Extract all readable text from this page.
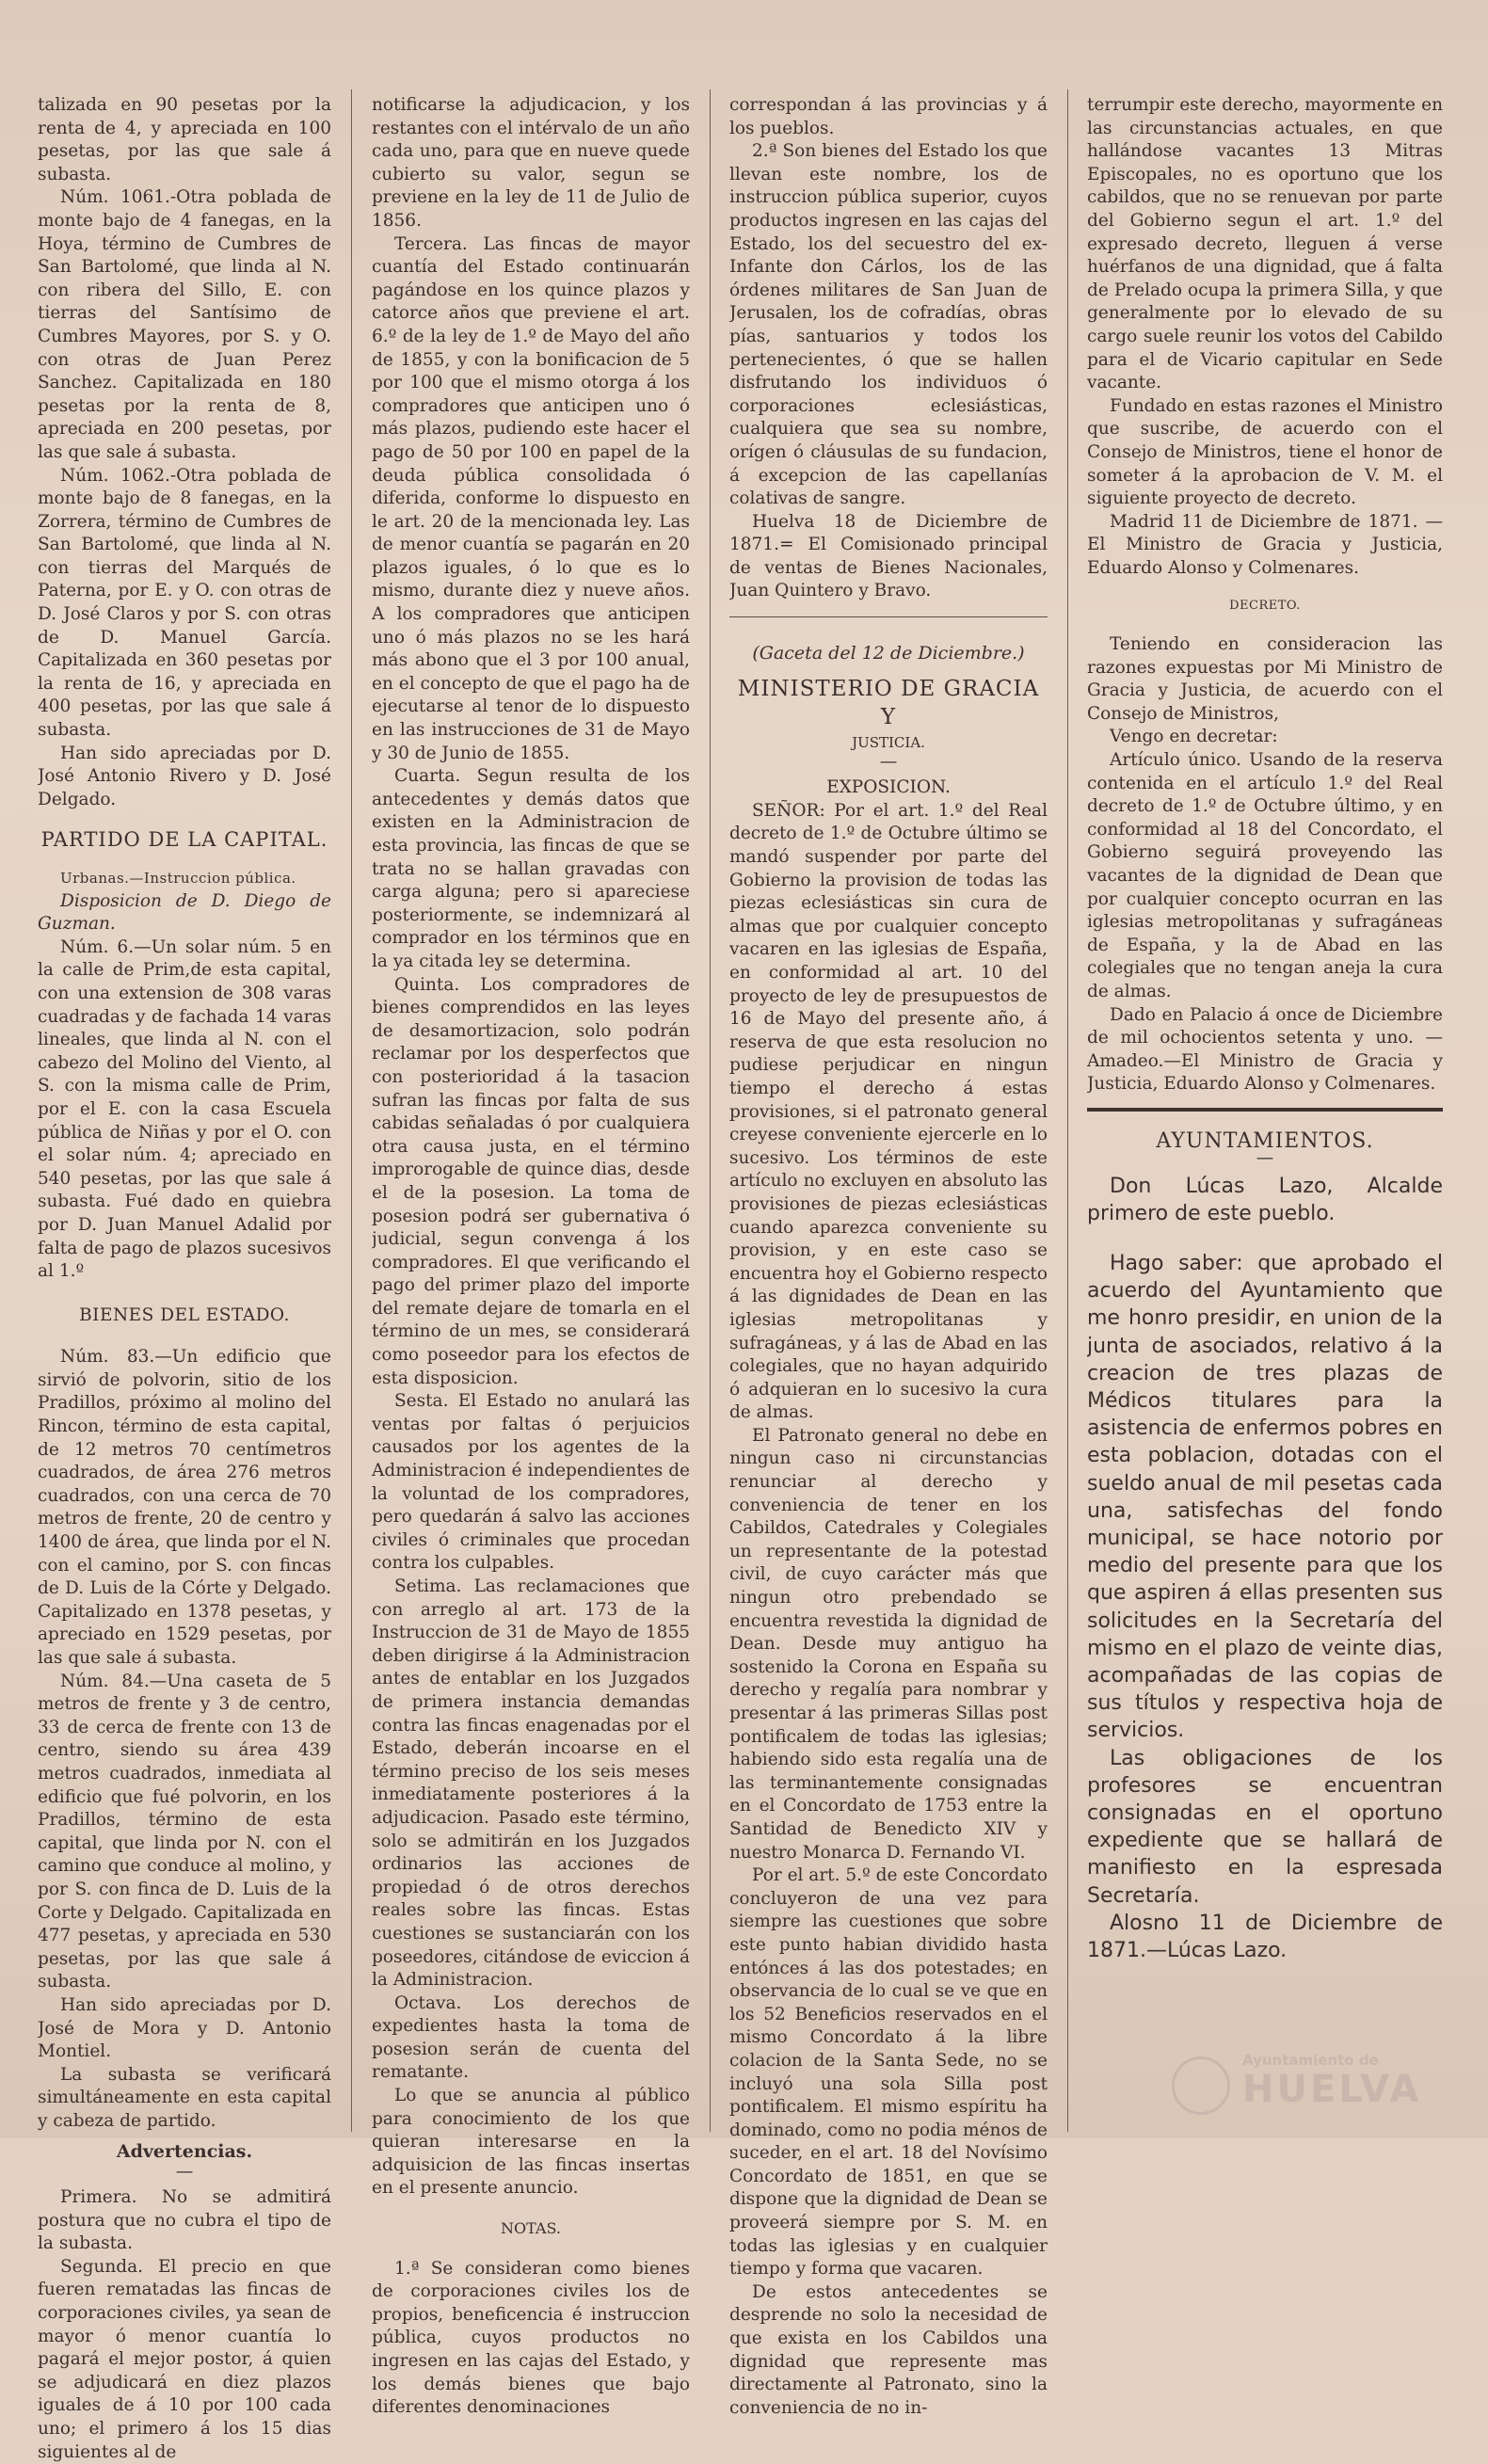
talizada en 90 pesetas por la renta de 4, y apreciada en 100 pesetas, por las que sale á subasta.

Núm. 1061.-Otra poblada de monte bajo de 4 fanegas, en la Hoya, término de Cumbres de San Bartolomé, que linda al N. con ribera del Sillo, E. con tierras del Santísimo de Cumbres Mayores, por S. y O. con otras de Juan Perez Sanchez. Capitalizada en 180 pesetas por la renta de 8, apreciada en 200 pesetas, por las que sale á subasta.

Núm. 1062.-Otra poblada de monte bajo de 8 fanegas, en la Zorrera, término de Cumbres de San Bartolomé, que linda al N. con tierras del Marqués de Paterna, por E. y O. con otras de D. José Claros y por S. con otras de D. Manuel García. Capitalizada en 360 pesetas por la renta de 16, y apreciada en 400 pesetas, por las que sale á subasta.

Han sido apreciadas por D. José Antonio Rivero y D. José Delgado.

PARTIDO DE LA CAPITAL.

Urbanas.—Instruccion pública.

Disposicion de D. Diego de Guzman.

Núm. 6.—Un solar núm. 5 en la calle de Prim,de esta capital, con una extension de 308 varas cuadradas y de fachada 14 varas lineales, que linda al N. con el cabezo del Molino del Viento, al S. con la misma calle de Prim, por el E. con la casa Escuela pública de Niñas y por el O. con el solar núm. 4; apreciado en 540 pesetas, por las que sale á subasta. Fué dado en quiebra por D. Juan Manuel Adalid por falta de pago de plazos sucesivos al 1.º

BIENES DEL ESTADO.

Núm. 83.—Un edificio que sirvió de polvorin, sitio de los Pradillos, próximo al molino del Rincon, término de esta capital, de 12 metros 70 centímetros cuadrados, de área 276 metros cuadrados, con una cerca de 70 metros de frente, 20 de centro y 1400 de área, que linda por el N. con el camino, por S. con fincas de D. Luis de la Córte y Delgado. Capitalizado en 1378 pesetas, y apreciado en 1529 pesetas, por las que sale á subasta.

Núm. 84.—Una caseta de 5 metros de frente y 3 de centro, 33 de cerca de frente con 13 de centro, siendo su área 439 metros cuadrados, inmediata al edificio que fué polvorin, en los Pradillos, término de esta capital, que linda por N. con el camino que conduce al molino, y por S. con finca de D. Luis de la Corte y Delgado. Capitalizada en 477 pesetas, y apreciada en 530 pesetas, por las que sale á subasta.

Han sido apreciadas por D. José de Mora y D. Antonio Montiel.

La subasta se verificará simultáneamente en esta capital y cabeza de partido.

Advertencias.
—

Primera. No se admitirá postura que no cubra el tipo de la subasta.

Segunda. El precio en que fueren rematadas las fincas de corporaciones civiles, ya sean de mayor ó menor cuantía lo pagará el mejor postor, á quien se adjudicará en diez plazos iguales de á 10 por 100 cada uno; el primero á los 15 dias siguientes al de

notificarse la adjudicacion, y los restantes con el intérvalo de un año cada uno, para que en nueve quede cubierto su valor, segun se previene en la ley de 11 de Julio de 1856.

Tercera. Las fincas de mayor cuantía del Estado continuarán pagándose en los quince plazos y catorce años que previene el art. 6.º de la ley de 1.º de Mayo del año de 1855, y con la bonificacion de 5 por 100 que el mismo otorga á los compradores que anticipen uno ó más plazos, pudiendo este hacer el pago de 50 por 100 en papel de la deuda pública consolidada ó diferida, conforme lo dispuesto en le art. 20 de la mencionada ley. Las de menor cuantía se pagarán en 20 plazos iguales, ó lo que es lo mismo, durante diez y nueve años. A los compradores que anticipen uno ó más plazos no se les hará más abono que el 3 por 100 anual, en el concepto de que el pago ha de ejecutarse al tenor de lo dispuesto en las instrucciones de 31 de Mayo y 30 de Junio de 1855.

Cuarta. Segun resulta de los antecedentes y demás datos que existen en la Administracion de esta provincia, las fincas de que se trata no se hallan gravadas con carga alguna; pero si apareciese posteriormente, se indemnizará al comprador en los términos que en la ya citada ley se determina.

Quinta. Los compradores de bienes comprendidos en las leyes de desamortizacion, solo podrán reclamar por los desperfectos que con posterioridad á la tasacion sufran las fincas por falta de sus cabidas señaladas ó por cualquiera otra causa justa, en el término improrogable de quince dias, desde el de la posesion. La toma de posesion podrá ser gubernativa ó judicial, segun convenga á los compradores. El que verificando el pago del primer plazo del importe del remate dejare de tomarla en el término de un mes, se considerará como poseedor para los efectos de esta disposicion.

Sesta. El Estado no anulará las ventas por faltas ó perjuicios causados por los agentes de la Administracion é independientes de la voluntad de los compradores, pero quedarán á salvo las acciones civiles ó criminales que procedan contra los culpables.

Setima. Las reclamaciones que con arreglo al art. 173 de la Instruccion de 31 de Mayo de 1855 deben dirigirse á la Administracion antes de entablar en los Juzgados de primera instancia demandas contra las fincas enagenadas por el Estado, deberán incoarse en el término preciso de los seis meses inmediatamente posteriores á la adjudicacion. Pasado este término, solo se admitirán en los Juzgados ordinarios las acciones de propiedad ó de otros derechos reales sobre las fincas. Estas cuestiones se sustanciarán con los poseedores, citándose de eviccion á la Administracion.

Octava. Los derechos de expedientes hasta la toma de posesion serán de cuenta del rematante.

Lo que se anuncia al público para conocimiento de los que quieran interesarse en la adquisicion de las fincas insertas en el presente anuncio.

NOTAS.

1.ª Se consideran como bienes de corporaciones civiles los de propios, beneficencia é instruccion pública, cuyos productos no ingresen en las cajas del Estado, y los demás bienes que bajo diferentes denominaciones

correspondan á las provincias y á los pueblos.

2.ª Son bienes del Estado los que llevan este nombre, los de instruccion pública superior, cuyos productos ingresen en las cajas del Estado, los del secuestro del ex-Infante don Cárlos, los de las órdenes militares de San Juan de Jerusalen, los de cofradías, obras pías, santuarios y todos los pertenecientes, ó que se hallen disfrutando los individuos ó corporaciones eclesiásticas, cualquiera que sea su nombre, orígen ó cláusulas de su fundacion, á excepcion de las capellanías colativas de sangre.

Huelva 18 de Diciembre de 1871.= El Comisionado principal de ventas de Bienes Nacionales, Juan Quintero y Bravo.

(Gaceta del 12 de Diciembre.)

MINISTERIO DE GRACIA Y
JUSTICIA.
—

EXPOSICION.

SEÑOR: Por el art. 1.º del Real decreto de 1.º de Octubre último se mandó suspender por parte del Gobierno la provision de todas las piezas eclesiásticas sin cura de almas que por cualquier concepto vacaren en las iglesias de España, en conformidad al art. 10 del proyecto de ley de presupuestos de 16 de Mayo del presente año, á reserva de que esta resolucion no pudiese perjudicar en ningun tiempo el derecho á estas provisiones, si el patronato general creyese conveniente ejercerle en lo sucesivo. Los términos de este artículo no excluyen en absoluto las provisiones de piezas eclesiásticas cuando aparezca conveniente su provision, y en este caso se encuentra hoy el Gobierno respecto á las dignidades de Dean en las iglesias metropolitanas y sufragáneas, y á las de Abad en las colegiales, que no hayan adquirido ó adquieran en lo sucesivo la cura de almas.

El Patronato general no debe en ningun caso ni circunstancias renunciar al derecho y conveniencia de tener en los Cabildos, Catedrales y Colegiales un representante de la potestad civil, de cuyo carácter más que ningun otro prebendado se encuentra revestida la dignidad de Dean. Desde muy antiguo ha sostenido la Corona en España su derecho y regalía para nombrar y presentar á las primeras Sillas post pontificalem de todas las iglesias; habiendo sido esta regalía una de las terminantemente consignadas en el Concordato de 1753 entre la Santidad de Benedicto XIV y nuestro Monarca D. Fernando VI.

Por el art. 5.º de este Concordato concluyeron de una vez para siempre las cuestiones que sobre este punto habian dividido hasta entónces á las dos potestades; en observancia de lo cual se ve que en los 52 Beneficios reservados en el mismo Concordato á la libre colacion de la Santa Sede, no se incluyó una sola Silla post pontificalem. El mismo espíritu ha dominado, como no podia ménos de suceder, en el art. 18 del Novísimo Concordato de 1851, en que se dispone que la dignidad de Dean se proveerá siempre por S. M. en todas las iglesias y en cualquier tiempo y forma que vacaren.

De estos antecedentes se desprende no solo la necesidad de que exista en los Cabildos una dignidad que represente mas directamente al Patronato, sino la conveniencia de no in-

terrumpir este derecho, mayormente en las circunstancias actuales, en que hallándose vacantes 13 Mitras Episcopales, no es oportuno que los cabildos, que no se renuevan por parte del Gobierno segun el art. 1.º del expresado decreto, lleguen á verse huérfanos de una dignidad, que á falta de Prelado ocupa la primera Silla, y que generalmente por lo elevado de su cargo suele reunir los votos del Cabildo para el de Vicario capitular en Sede vacante.

Fundado en estas razones el Ministro que suscribe, de acuerdo con el Consejo de Ministros, tiene el honor de someter á la aprobacion de V. M. el siguiente proyecto de decreto.

Madrid 11 de Diciembre de 1871. —El Ministro de Gracia y Justicia, Eduardo Alonso y Colmenares.

DECRETO.

Teniendo en consideracion las razones expuestas por Mi Ministro de Gracia y Justicia, de acuerdo con el Consejo de Ministros,

Vengo en decretar:

Artículo único. Usando de la reserva contenida en el artículo 1.º del Real decreto de 1.º de Octubre último, y en conformidad al 18 del Concordato, el Gobierno seguirá proveyendo las vacantes de la dignidad de Dean que por cualquier concepto ocurran en las iglesias metropolitanas y sufragáneas de España, y la de Abad en las colegiales que no tengan aneja la cura de almas.

Dado en Palacio á once de Diciembre de mil ochocientos setenta y uno. —Amadeo.—El Ministro de Gracia y Justicia, Eduardo Alonso y Colmenares.

AYUNTAMIENTOS.
—

Don Lúcas Lazo, Alcalde primero de este pueblo.

Hago saber: que aprobado el acuerdo del Ayuntamiento que me honro presidir, en union de la junta de asociados, relativo á la creacion de tres plazas de Médicos titulares para la asistencia de enfermos pobres en esta poblacion, dotadas con el sueldo anual de mil pesetas cada una, satisfechas del fondo municipal, se hace notorio por medio del presente para que los que aspiren á ellas presenten sus solicitudes en la Secretaría del mismo en el plazo de veinte dias, acompañadas de las copias de sus títulos y respectiva hoja de servicios.

Las obligaciones de los profesores se encuentran consignadas en el oportuno expediente que se hallará de manifiesto en la espresada Secretaría.

Alosno 11 de Diciembre de 1871.—Lúcas Lazo.

Ayuntamiento de
HUELVA
